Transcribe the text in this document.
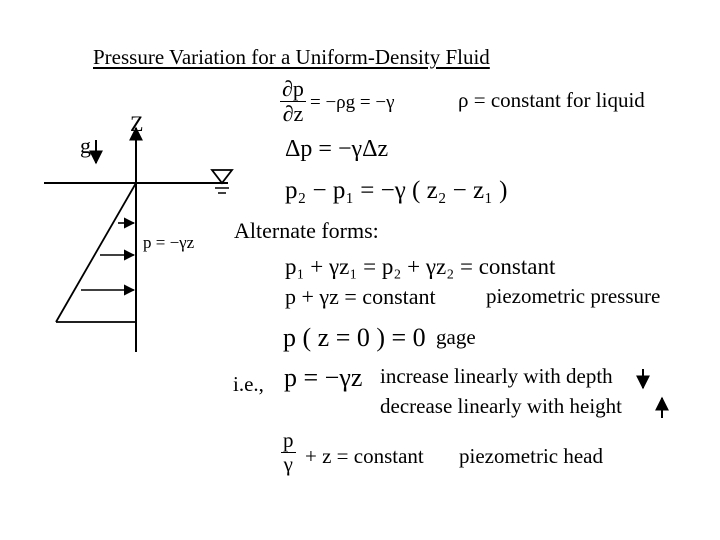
Pressure Variation for a Uniform-Density Fluid
Z
g
p = −γz
∂p
∂z = −ρg = −γ	ρ = constant for liquid
Δp = −γΔz
p₂ − p₁ = −γ ( z₂ − z₁ )
Alternate forms:
p₁ + γz₁ = p₂ + γz₂ = constant
p + γz = constant piezometric pressure
p ( z = 0 ) = 0 gage
i.e., p = −γz increase linearly with depth
decrease linearly with height
p
γ + z = constant piezometric head
